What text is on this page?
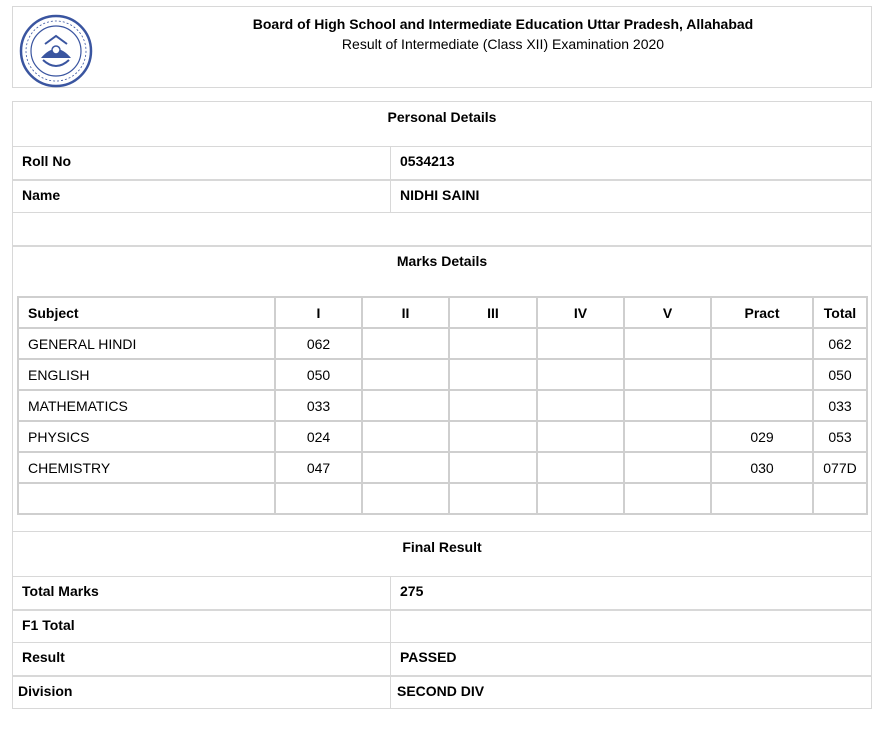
Board of High School and Intermediate Education Uttar Pradesh, Allahabad
Result of Intermediate (Class XII) Examination 2020
Personal Details
Roll No	0534213
Name	NIDHI SAINI
Marks Details
Subject	I	II	III	IV	V	Pract	Total
GENERAL HINDI	062						062
ENGLISH	050						050
MATHEMATICS	033						033
PHYSICS	024					029	053
CHEMISTRY	047					030	077D

Final Result
Total Marks	275
F1 Total
Result	PASSED
Division	SECOND DIV
